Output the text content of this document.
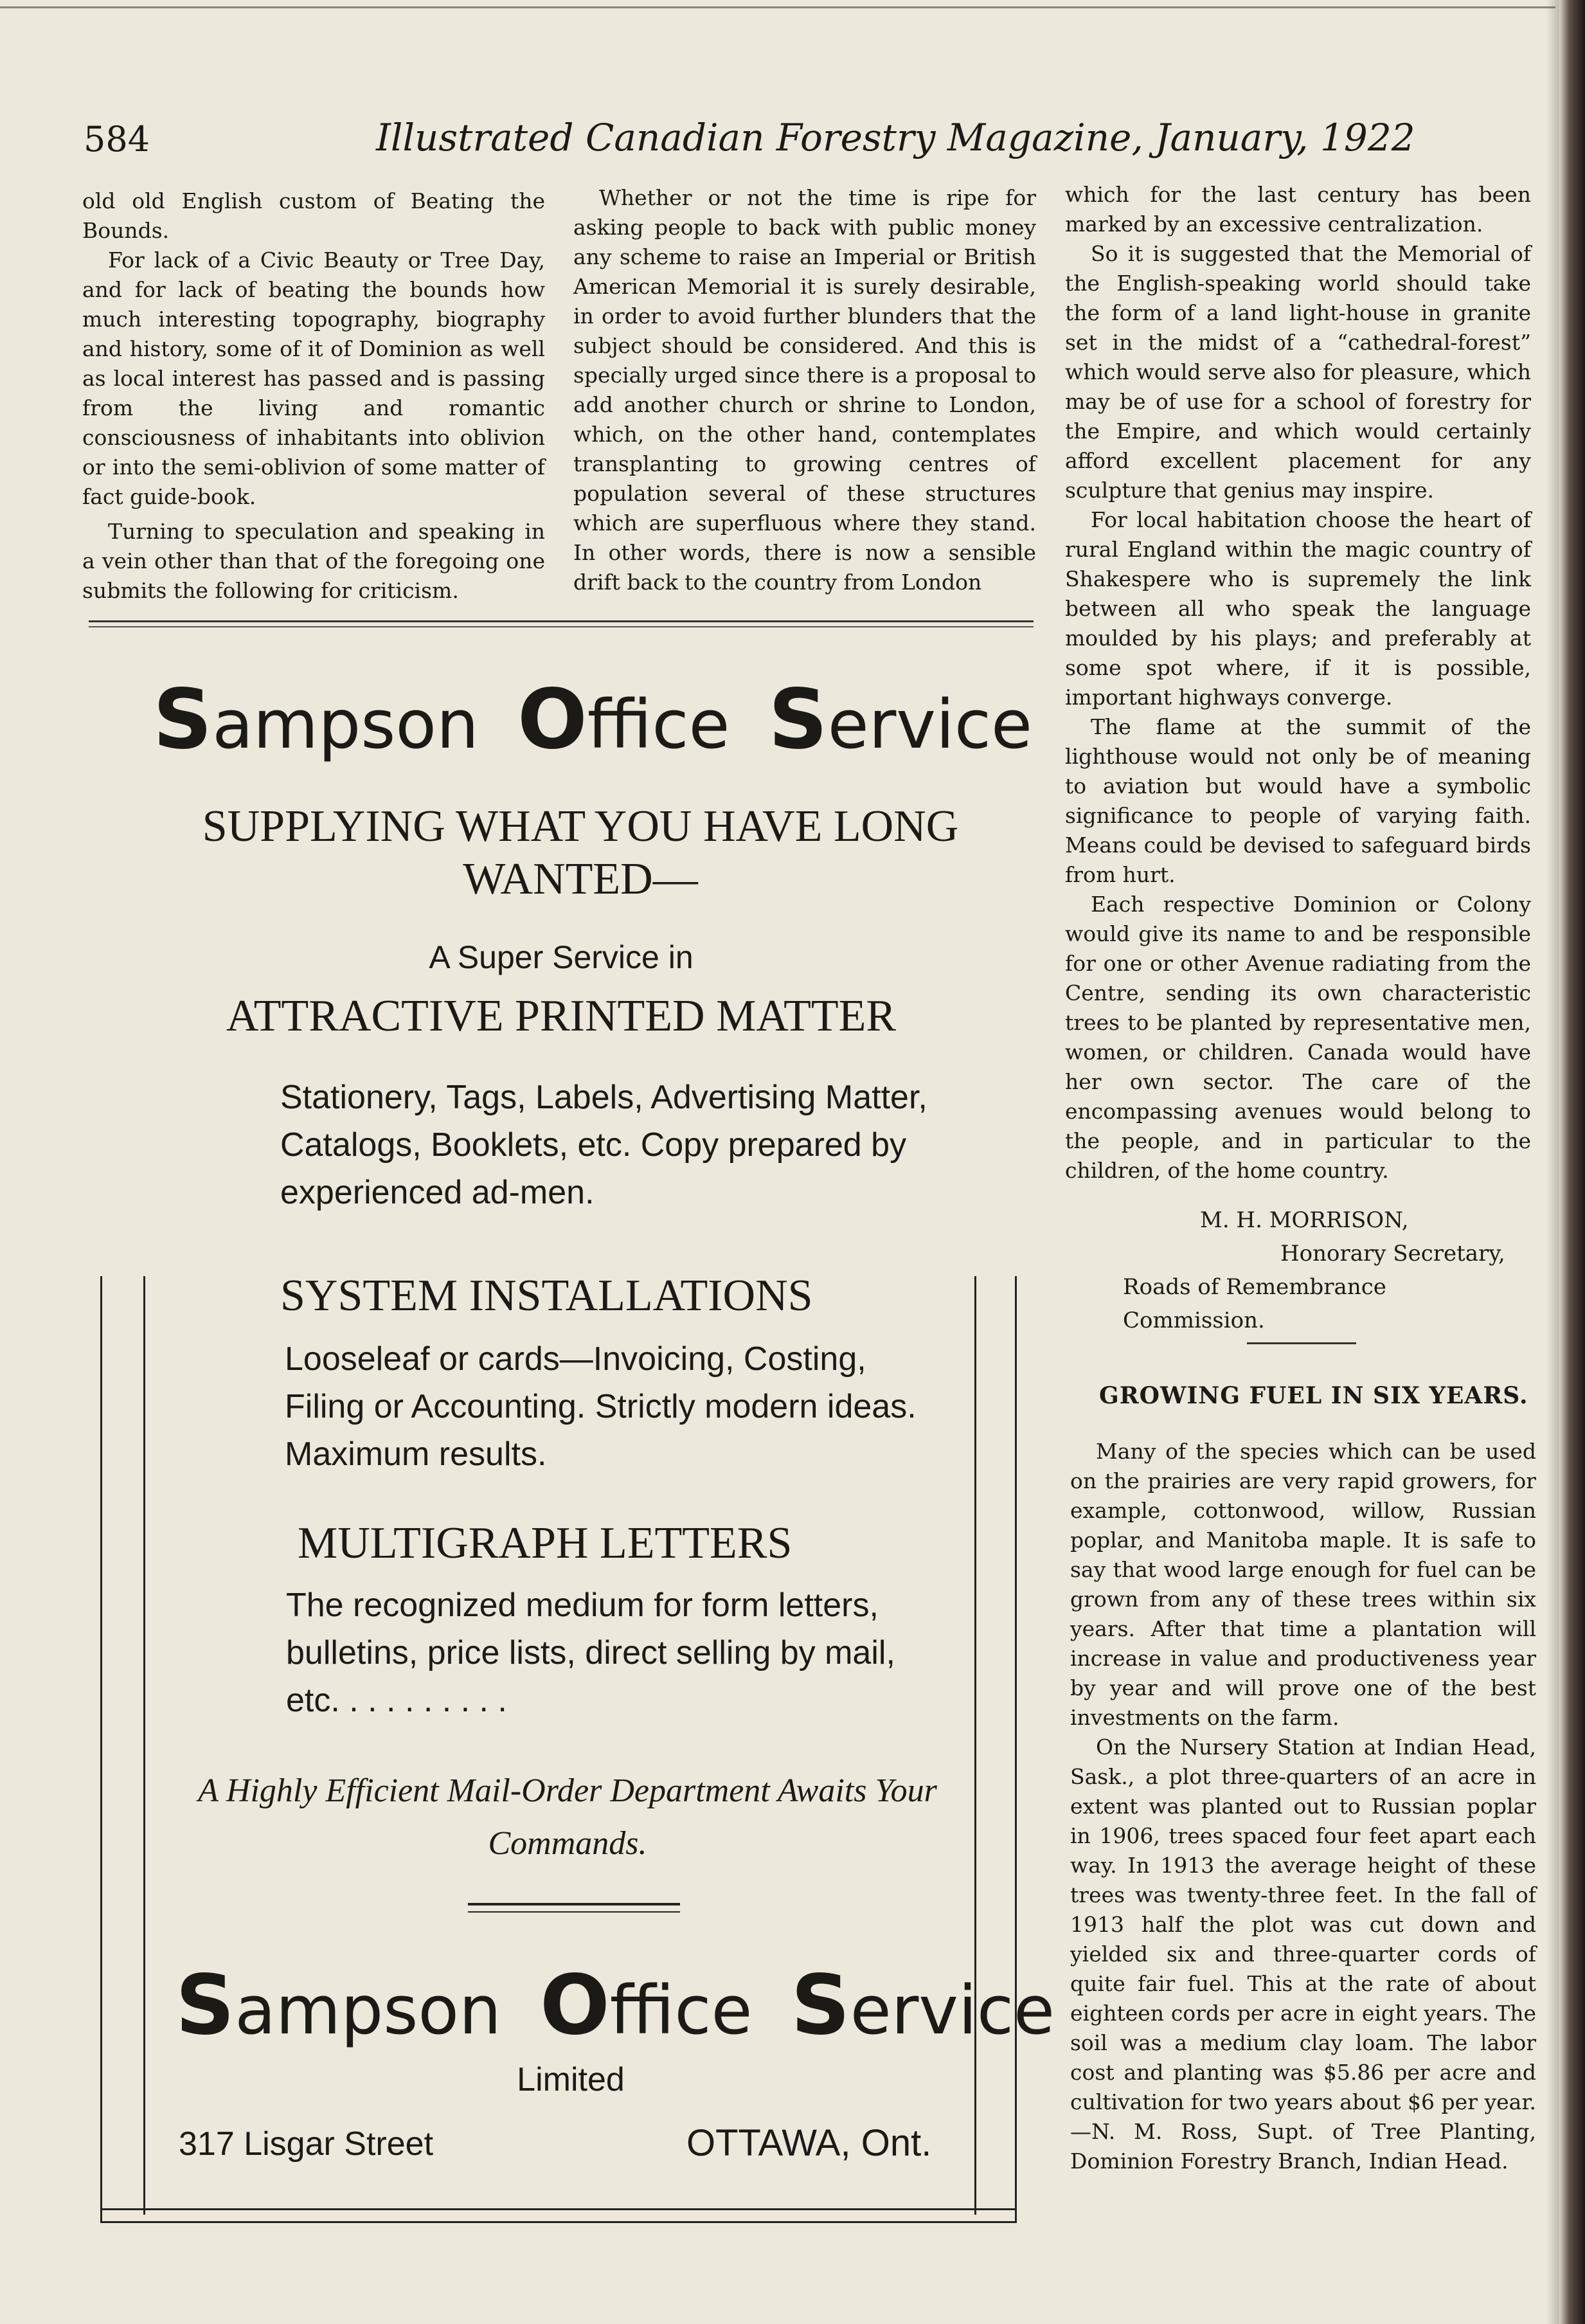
584	Illustrated Canadian Forestry Magazine, January, 1922

old old English custom of Beating the Bounds.

For lack of a Civic Beauty or Tree Day, and for lack of beating the bounds how much interesting topography, biography and history, some of it of Dominion as well as local interest has passed and is passing from the living and romantic consciousness of inhabitants into oblivion or into the semi-oblivion of some matter of fact guide-book.

Turning to speculation and speaking in a vein other than that of the foregoing one submits the following for criticism.

Whether or not the time is ripe for asking people to back with public money any scheme to raise an Imperial or British American Memorial it is surely desirable, in order to avoid further blunders that the subject should be considered. And this is specially urged since there is a proposal to add another church or shrine to London, which, on the other hand, contemplates transplanting to growing centres of population several of these structures which are superfluous where they stand. In other words, there is now a sensible drift back to the country from London

which for the last century has been marked by an excessive centralization.

So it is suggested that the Memorial of the English-speaking world should take the form of a land light-house in granite set in the midst of a “cathedral-forest” which would serve also for pleasure, which may be of use for a school of forestry for the Empire, and which would certainly afford excellent placement for any sculpture that genius may inspire.

For local habitation choose the heart of rural England within the magic country of Shakespere who is supremely the link between all who speak the language moulded by his plays; and preferably at some spot where, if it is possible, important highways converge.

The flame at the summit of the lighthouse would not only be of meaning to aviation but would have a symbolic significance to people of varying faith. Means could be devised to safeguard birds from hurt.

Each respective Dominion or Colony would give its name to and be responsible for one or other Avenue radiating from the Centre, sending its own characteristic trees to be planted by representative men, women, or children. Canada would have her own sector. The care of the encompassing avenues would belong to the people, and in particular to the children, of the home country.

M. H. MORRISON,
Honorary Secretary,
Roads of Remembrance Commission.
GROWING FUEL IN SIX YEARS.

Many of the species which can be used on the prairies are very rapid growers, for example, cottonwood, willow, Russian poplar, and Manitoba maple. It is safe to say that wood large enough for fuel can be grown from any of these trees within six years. After that time a plantation will increase in value and productiveness year by year and will prove one of the best investments on the farm.

On the Nursery Station at Indian Head, Sask., a plot three-quarters of an acre in extent was planted out to Russian poplar in 1906, trees spaced four feet apart each way. In 1913 the average height of these trees was twenty-three feet. In the fall of 1913 half the plot was cut down and yielded six and three-quarter cords of quite fair fuel. This at the rate of about eighteen cords per acre in eight years. The soil was a medium clay loam. The labor cost and planting was $5.86 per acre and cultivation for two years about $6 per year.—N. M. Ross, Supt. of Tree Planting, Dominion Forestry Branch, Indian Head.

Sampson Office Service
SUPPLYING WHAT YOU HAVE LONG WANTED—
A Super Service in
ATTRACTIVE PRINTED MATTER
Stationery, Tags, Labels, Advertising Matter, Catalogs, Booklets, etc. Copy prepared by experienced ad-men.
SYSTEM INSTALLATIONS
Looseleaf or cards—Invoicing, Costing, Filing or Accounting. Strictly modern ideas. Maximum results.
MULTIGRAPH LETTERS
The recognized medium for form letters, bulletins, price lists, direct selling by mail, etc. . . . . . . . . .
A Highly Efficient Mail-Order Department Awaits Your Commands.
Sampson Office Service
Limited
317 Lisgar Street	OTTAWA, Ont.
